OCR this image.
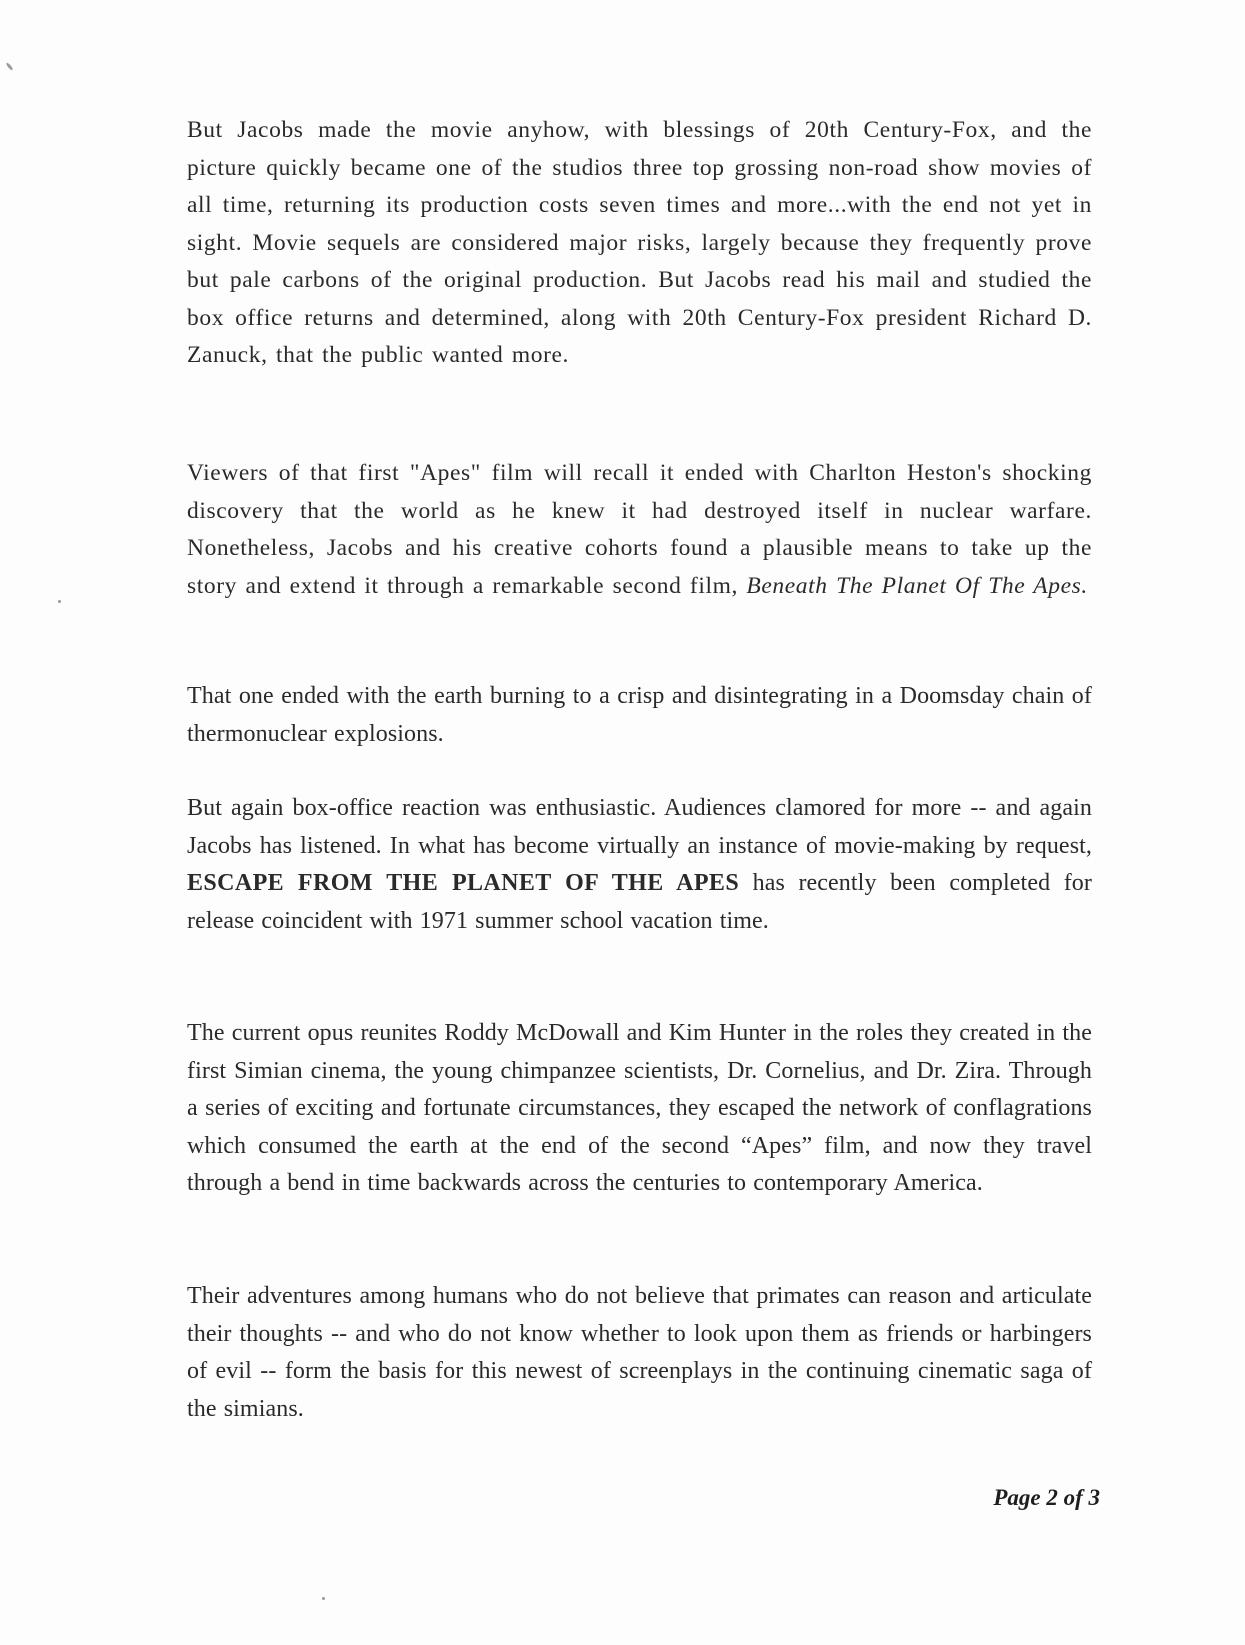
But Jacobs made the movie anyhow, with blessings of 20th Century-Fox, and the picture quickly became one of the studios three top grossing non-road show movies of all time, returning its production costs seven times and more...with the end not yet in sight. Movie sequels are considered major risks, largely because they frequently prove but pale carbons of the original production. But Jacobs read his mail and studied the box office returns and determined, along with 20th Century-Fox president Richard D. Zanuck, that the public wanted more.

Viewers of that first "Apes" film will recall it ended with Charlton Heston's shocking discovery that the world as he knew it had destroyed itself in nuclear warfare. Nonetheless, Jacobs and his creative cohorts found a plausible means to take up the story and extend it through a remarkable second film, Beneath The Planet Of The Apes.

That one ended with the earth burning to a crisp and disintegrating in a Doomsday chain of thermonuclear explosions.

But again box-office reaction was enthusiastic. Audiences clamored for more -- and again Jacobs has listened. In what has become virtually an instance of movie-making by request, ESCAPE FROM THE PLANET OF THE APES has recently been completed for release coincident with 1971 summer school vacation time.

The current opus reunites Roddy McDowall and Kim Hunter in the roles they created in the first Simian cinema, the young chimpanzee scientists, Dr. Cornelius, and Dr. Zira. Through a series of exciting and fortunate circumstances, they escaped the network of conflagrations which consumed the earth at the end of the second “Apes” film, and now they travel through a bend in time backwards across the centuries to contemporary America.

Their adventures among humans who do not believe that primates can reason and articulate their thoughts -- and who do not know whether to look upon them as friends or harbingers of evil -- form the basis for this newest of screenplays in the continuing cinematic saga of the simians.

Page 2 of 3
